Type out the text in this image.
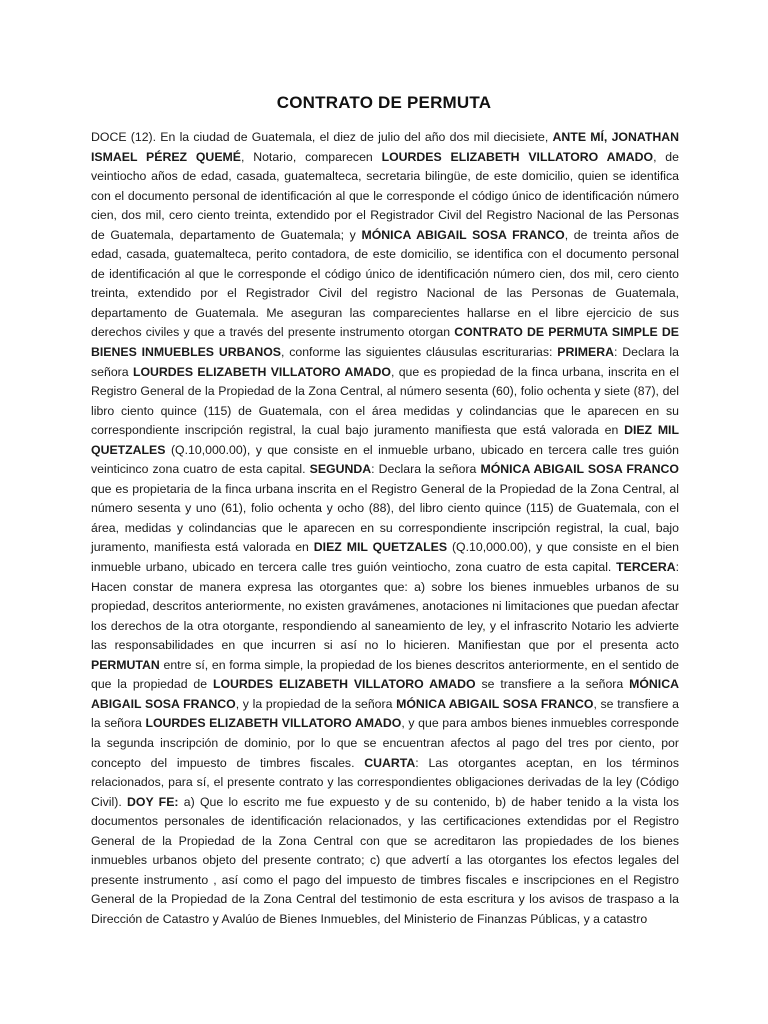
CONTRATO DE PERMUTA

DOCE (12). En la ciudad de Guatemala, el diez de julio del año dos mil diecisiete, ANTE MÍ, JONATHAN ISMAEL PÉREZ QUEMÉ, Notario, comparecen LOURDES ELIZABETH VILLATORO AMADO, de veintiocho años de edad, casada, guatemalteca, secretaria bilingüe, de este domicilio, quien se identifica con el documento personal de identificación al que le corresponde el código único de identificación número cien, dos mil, cero ciento treinta, extendido por el Registrador Civil del Registro Nacional de las Personas de Guatemala, departamento de Guatemala; y MÓNICA ABIGAIL SOSA FRANCO, de treinta años de edad, casada, guatemalteca, perito contadora, de este domicilio, se identifica con el documento personal de identificación al que le corresponde el código único de identificación número cien, dos mil, cero ciento treinta, extendido por el Registrador Civil del registro Nacional de las Personas de Guatemala, departamento de Guatemala. Me aseguran las comparecientes hallarse en el libre ejercicio de sus derechos civiles y que a través del presente instrumento otorgan CONTRATO DE PERMUTA SIMPLE DE BIENES INMUEBLES URBANOS, conforme las siguientes cláusulas escriturarias: PRIMERA: Declara la señora LOURDES ELIZABETH VILLATORO AMADO, que es propiedad de la finca urbana, inscrita en el Registro General de la Propiedad de la Zona Central, al número sesenta (60), folio ochenta y siete (87), del libro ciento quince (115) de Guatemala, con el área medidas y colindancias que le aparecen en su correspondiente inscripción registral, la cual bajo juramento manifiesta que está valorada en DIEZ MIL QUETZALES (Q.10,000.00), y que consiste en el inmueble urbano, ubicado en tercera calle tres guión veinticinco zona cuatro de esta capital. SEGUNDA: Declara la señora MÓNICA ABIGAIL SOSA FRANCO que es propietaria de la finca urbana inscrita en el Registro General de la Propiedad de la Zona Central, al número sesenta y uno (61), folio ochenta y ocho (88), del libro ciento quince (115) de Guatemala, con el área, medidas y colindancias que le aparecen en su correspondiente inscripción registral, la cual, bajo juramento, manifiesta está valorada en DIEZ MIL QUETZALES (Q.10,000.00), y que consiste en el bien inmueble urbano, ubicado en tercera calle tres guión veintiocho, zona cuatro de esta capital. TERCERA: Hacen constar de manera expresa las otorgantes que: a) sobre los bienes inmuebles urbanos de su propiedad, descritos anteriormente, no existen gravámenes, anotaciones ni limitaciones que puedan afectar los derechos de la otra otorgante, respondiendo al saneamiento de ley, y el infrascrito Notario les advierte las responsabilidades en que incurren si así no lo hicieren. Manifiestan que por el presenta acto PERMUTAN entre sí, en forma simple, la propiedad de los bienes descritos anteriormente, en el sentido de que la propiedad de LOURDES ELIZABETH VILLATORO AMADO se transfiere a la señora MÓNICA ABIGAIL SOSA FRANCO, y la propiedad de la señora MÓNICA ABIGAIL SOSA FRANCO, se transfiere a la señora LOURDES ELIZABETH VILLATORO AMADO, y que para ambos bienes inmuebles corresponde la segunda inscripción de dominio, por lo que se encuentran afectos al pago del tres por ciento, por concepto del impuesto de timbres fiscales. CUARTA: Las otorgantes aceptan, en los términos relacionados, para sí, el presente contrato y las correspondientes obligaciones derivadas de la ley (Código Civil). DOY FE: a) Que lo escrito me fue expuesto y de su contenido, b) de haber tenido a la vista los documentos personales de identificación relacionados, y las certificaciones extendidas por el Registro General de la Propiedad de la Zona Central con que se acreditaron las propiedades de los bienes inmuebles urbanos objeto del presente contrato; c) que advertí a las otorgantes los efectos legales del presente instrumento , así como el pago del impuesto de timbres fiscales e inscripciones en el Registro General de la Propiedad de la Zona Central del testimonio de esta escritura y los avisos de traspaso a la Dirección de Catastro y Avalúo de Bienes Inmuebles, del Ministerio de Finanzas Públicas, y a catastro
